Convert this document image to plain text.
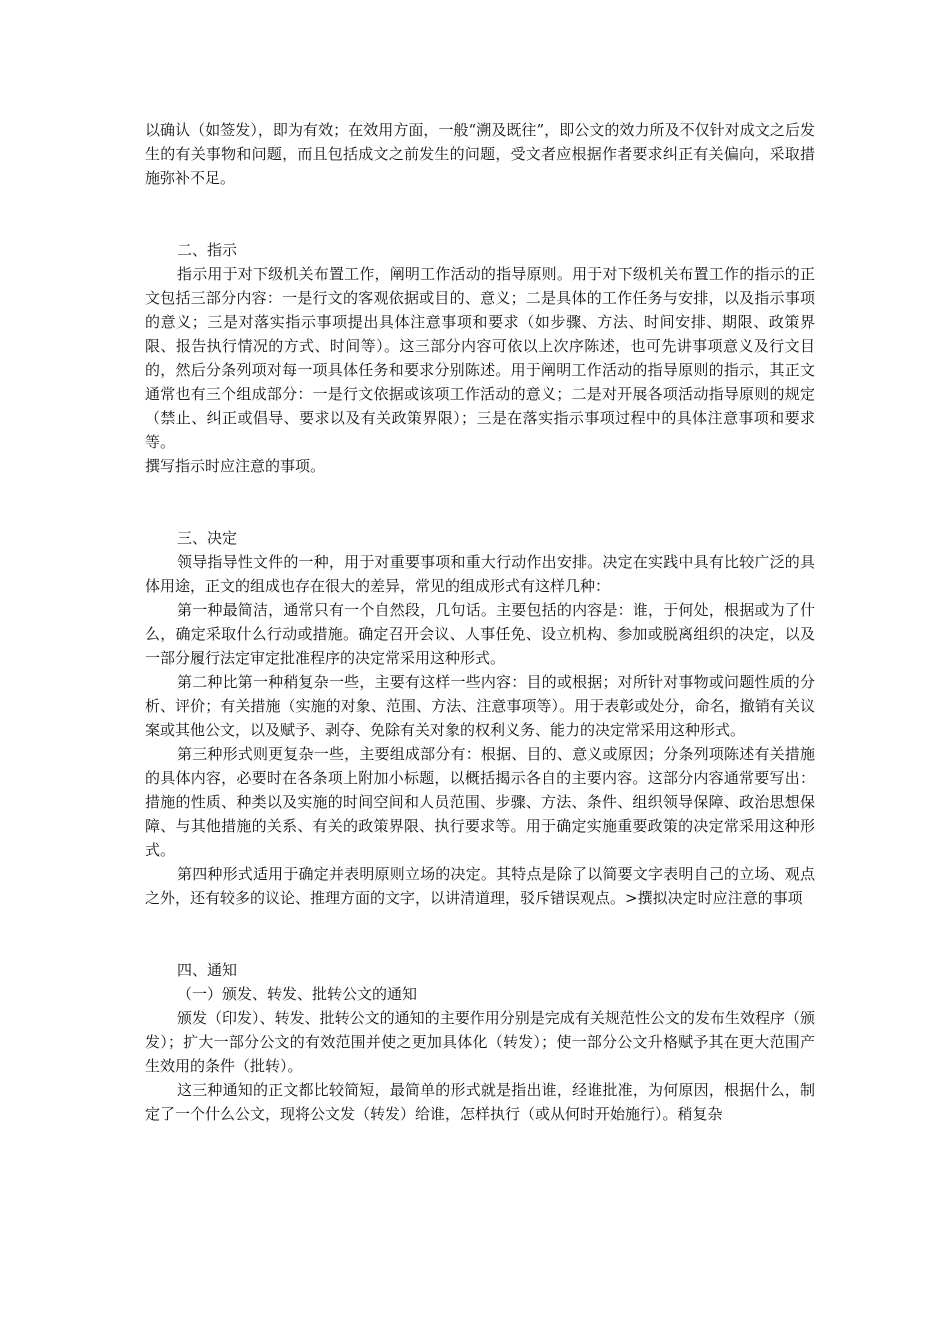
以确认（如签发），即为有效；在效用方面，一般“溯及既往”，即公文的效力所及不仅针对成文之后发生的有关事物和问题，而且包括成文之前发生的问题，受文者应根据作者要求纠正有关偏向，采取措施弥补不足。

二、指示

指示用于对下级机关布置工作，阐明工作活动的指导原则。用于对下级机关布置工作的指示的正文包括三部分内容：一是行文的客观依据或目的、意义；二是具体的工作任务与安排，以及指示事项的意义；三是对落实指示事项提出具体注意事项和要求（如步骤、方法、时间安排、期限、政策界限、报告执行情况的方式、时间等）。这三部分内容可依以上次序陈述，也可先讲事项意义及行文目的，然后分条列项对每一项具体任务和要求分别陈述。用于阐明工作活动的指导原则的指示，其正文通常也有三个组成部分：一是行文依据或该项工作活动的意义；二是对开展各项活动指导原则的规定（禁止、纠正或倡导、要求以及有关政策界限）；三是在落实指示事项过程中的具体注意事项和要求等。

撰写指示时应注意的事项。

三、决定

领导指导性文件的一种，用于对重要事项和重大行动作出安排。决定在实践中具有比较广泛的具体用途，正文的组成也存在很大的差异，常见的组成形式有这样几种：

第一种最简洁，通常只有一个自然段，几句话。主要包括的内容是：谁，于何处，根据或为了什么，确定采取什么行动或措施。确定召开会议、人事任免、设立机构、参加或脱离组织的决定，以及一部分履行法定审定批准程序的决定常采用这种形式。

第二种比第一种稍复杂一些，主要有这样一些内容：目的或根据；对所针对事物或问题性质的分析、评价；有关措施（实施的对象、范围、方法、注意事项等）。用于表彰或处分，命名，撤销有关议案或其他公文，以及赋予、剥夺、免除有关对象的权利义务、能力的决定常采用这种形式。

第三种形式则更复杂一些，主要组成部分有：根据、目的、意义或原因；分条列项陈述有关措施的具体内容，必要时在各条项上附加小标题，以概括揭示各自的主要内容。这部分内容通常要写出：措施的性质、种类以及实施的时间空间和人员范围、步骤、方法、条件、组织领导保障、政治思想保障、与其他措施的关系、有关的政策界限、执行要求等。用于确定实施重要政策的决定常采用这种形式。

第四种形式适用于确定并表明原则立场的决定。其特点是除了以简要文字表明自己的立场、观点之外，还有较多的议论、推理方面的文字，以讲清道理，驳斥错误观点。>撰拟决定时应注意的事项

四、通知

（一）颁发、转发、批转公文的通知

颁发（印发）、转发、批转公文的通知的主要作用分别是完成有关规范性公文的发布生效程序（颁发）；扩大一部分公文的有效范围并使之更加具体化（转发）；使一部分公文升格赋予其在更大范围产生效用的条件（批转）。

这三种通知的正文都比较简短，最简单的形式就是指出谁，经谁批准，为何原因，根据什么，制定了一个什么公文，现将公文发（转发）给谁，怎样执行（或从何时开始施行）。稍复杂
